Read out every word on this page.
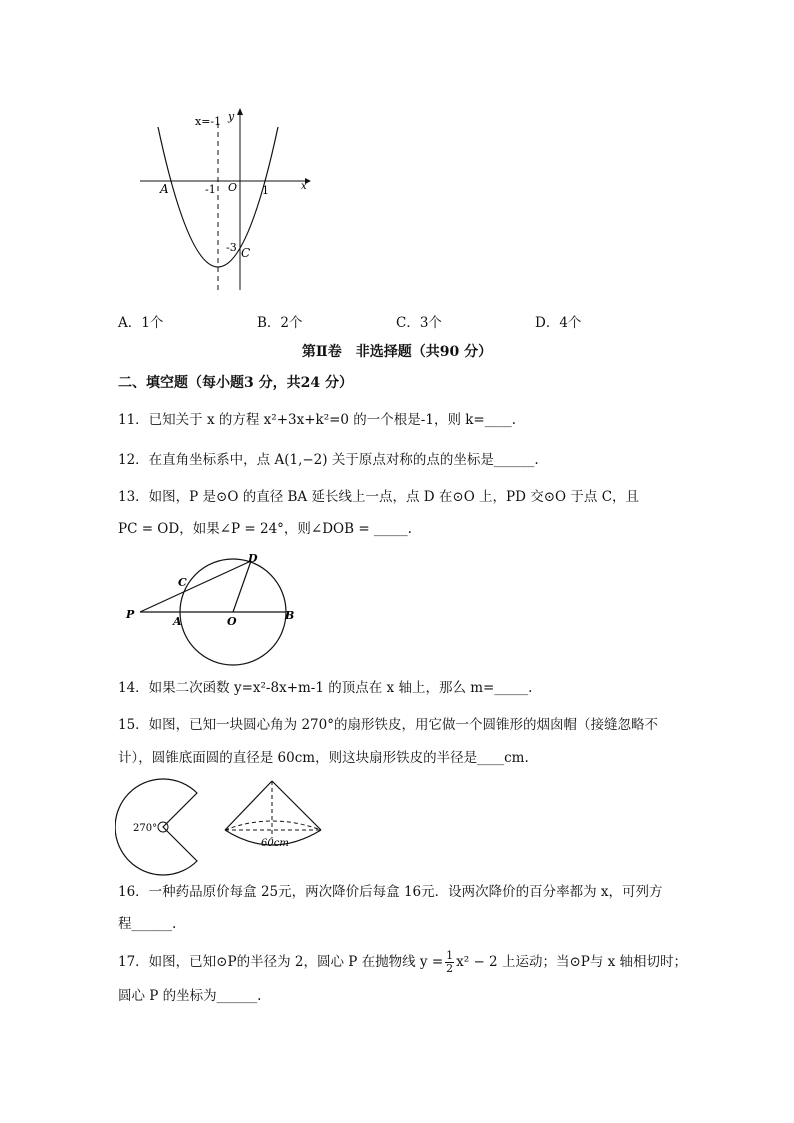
x
y
x=-1
A	-1 O 1
-3 C
A．1个	B．2个	C．3个	D．4个
第Ⅱ卷　非选择题（共90 分）
二、填空题（每小题3 分，共24 分）
11．已知关于 x 的方程 x²+3x+k²=0 的一个根是-1，则 k=____.
12．在直角坐标系中，点 A(1,−2) 关于原点对称的点的坐标是______.
13．如图，P 是⊙O 的直径 BA 延长线上一点，点 D 在⊙O 上，PD 交⊙O 于点 C，且
PC = OD，如果∠P = 24°，则∠DOB = _____.
P
C
D
A	O	B
14．如果二次函数 y=x²-8x+m-1 的顶点在 x 轴上，那么 m=_____.
15．如图，已知一块圆心角为 270°的扇形铁皮，用它做一个圆锥形的烟囱帽（接缝忽略不
计），圆锥底面圆的直径是 60cm，则这块扇形铁皮的半径是____cm.
270°
60cm
16．一种药品原价每盒 25元，两次降价后每盒 16元．设两次降价的百分率都为 x，可列方
程______.
17．如图，已知⊙P的半径为 2，圆心 P 在抛物线 $y = \frac{1}{2} x^2 - 2$ 上运动；当⊙P与 x 轴相切时；
圆心 P 的坐标为______.
